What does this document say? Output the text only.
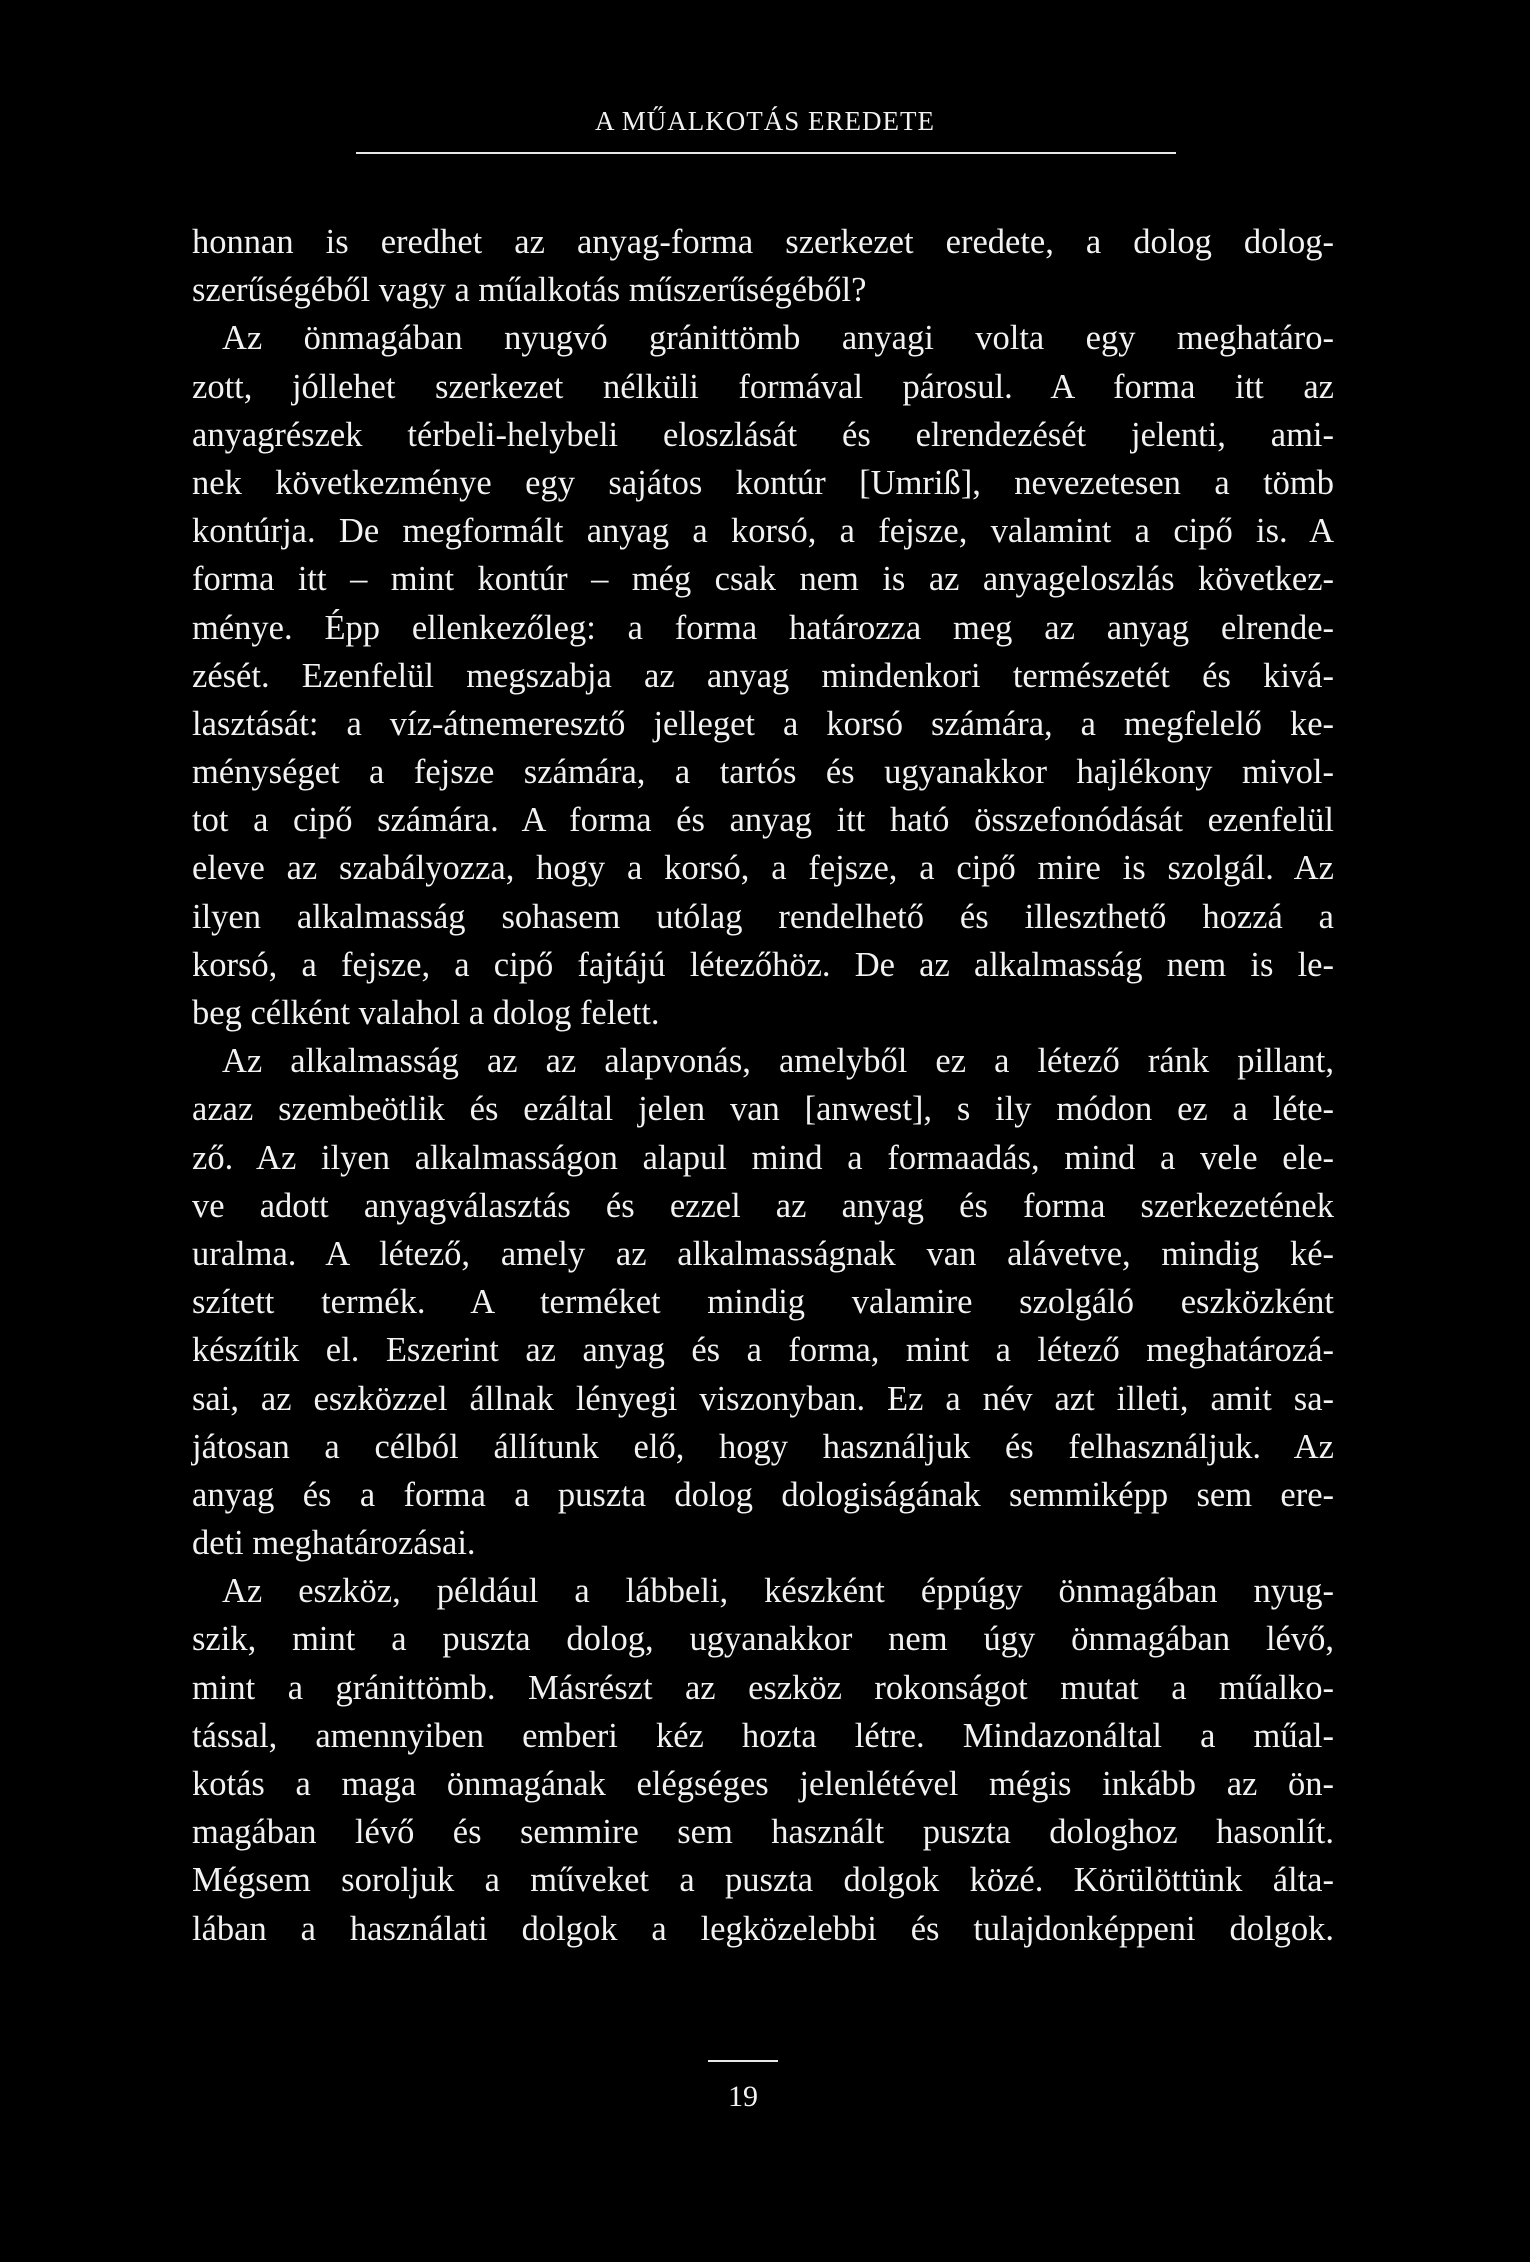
A MŰALKOTÁS EREDETE
honnan is eredhet az anyag-forma szerkezet eredete, a dolog dolog-
szerűségéből vagy a műalkotás műszerűségéből?
Az önmagában nyugvó gránittömb anyagi volta egy meghatáro-
zott, jóllehet szerkezet nélküli formával párosul. A forma itt az
anyagrészek térbeli-helybeli eloszlását és elrendezését jelenti, ami-
nek következménye egy sajátos kontúr [Umriß], nevezetesen a tömb
kontúrja. De megformált anyag a korsó, a fejsze, valamint a cipő is. A
forma itt – mint kontúr – még csak nem is az anyageloszlás következ-
ménye. Épp ellenkezőleg: a forma határozza meg az anyag elrende-
zését. Ezenfelül megszabja az anyag mindenkori természetét és kivá-
lasztását: a víz-átnemeresztő jelleget a korsó számára, a megfelelő ke-
ménységet a fejsze számára, a tartós és ugyanakkor hajlékony mivol-
tot a cipő számára. A forma és anyag itt ható összefonódását ezenfelül
eleve az szabályozza, hogy a korsó, a fejsze, a cipő mire is szolgál. Az
ilyen alkalmasság sohasem utólag rendelhető és illeszthető hozzá a
korsó, a fejsze, a cipő fajtájú létezőhöz. De az alkalmasság nem is le-
beg célként valahol a dolog felett.
Az alkalmasság az az alapvonás, amelyből ez a létező ránk pillant,
azaz szembeötlik és ezáltal jelen van [anwest], s ily módon ez a léte-
ző. Az ilyen alkalmasságon alapul mind a formaadás, mind a vele ele-
ve adott anyagválasztás és ezzel az anyag és forma szerkezetének
uralma. A létező, amely az alkalmasságnak van alávetve, mindig ké-
szített termék. A terméket mindig valamire szolgáló eszközként
készítik el. Eszerint az anyag és a forma, mint a létező meghatározá-
sai, az eszközzel állnak lényegi viszonyban. Ez a név azt illeti, amit sa-
játosan a célból állítunk elő, hogy használjuk és felhasználjuk. Az
anyag és a forma a puszta dolog dologiságának semmiképp sem ere-
deti meghatározásai.
Az eszköz, például a lábbeli, készként éppúgy önmagában nyug-
szik, mint a puszta dolog, ugyanakkor nem úgy önmagában lévő,
mint a gránittömb. Másrészt az eszköz rokonságot mutat a műalko-
tással, amennyiben emberi kéz hozta létre. Mindazonáltal a műal-
kotás a maga önmagának elégséges jelenlétével mégis inkább az ön-
magában lévő és semmire sem használt puszta dologhoz hasonlít.
Mégsem soroljuk a műveket a puszta dolgok közé. Körülöttünk álta-
lában a használati dolgok a legközelebbi és tulajdonképpeni dolgok.
19
